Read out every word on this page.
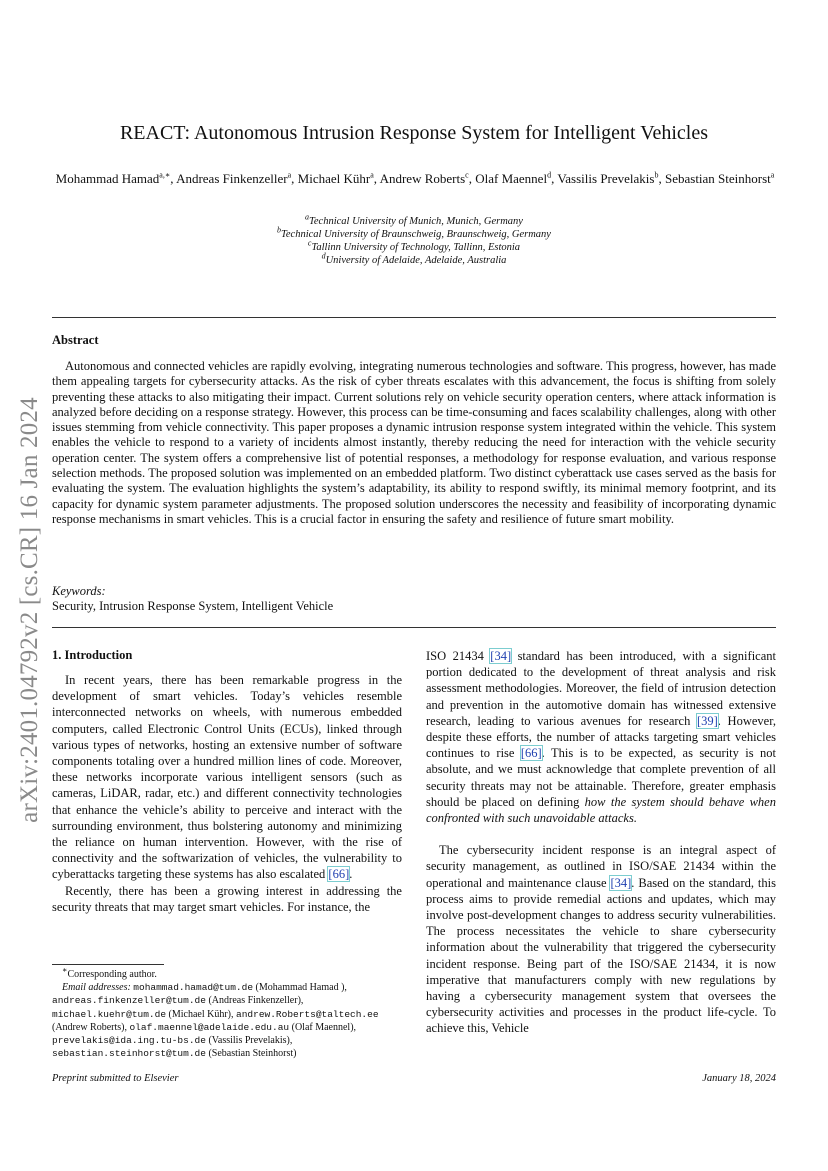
arXiv:2401.04792v2 [cs.CR] 16 Jan 2024
REACT: Autonomous Intrusion Response System for Intelligent Vehicles
Mohammad Hamad$^{a,∗}$, Andreas Finkenzeller$^a$, Michael Kühr$^a$, Andrew Roberts$^c$, Olaf Maennel$^d$, Vassilis Prevelakis$^b$, Sebastian Steinhorst$^a$
$^a$Technical University of Munich, Munich, Germany
$^b$Technical University of Braunschweig, Braunschweig, Germany
$^c$Tallinn University of Technology, Tallinn, Estonia
$^d$University of Adelaide, Adelaide, Australia
Abstract
Autonomous and connected vehicles are rapidly evolving, integrating numerous technologies and software. This progress, however, has made them appealing targets for cybersecurity attacks. As the risk of cyber threats escalates with this advancement, the focus is shifting from solely preventing these attacks to also mitigating their impact. Current solutions rely on vehicle security operation centers, where attack information is analyzed before deciding on a response strategy. However, this process can be time-consuming and faces scalability challenges, along with other issues stemming from vehicle connectivity. This paper proposes a dynamic intrusion response system integrated within the vehicle. This system enables the vehicle to respond to a variety of incidents almost instantly, thereby reducing the need for interaction with the vehicle security operation center. The system offers a comprehensive list of potential responses, a methodology for response evaluation, and various response selection methods. The proposed solution was implemented on an embedded platform. Two distinct cyberattack use cases served as the basis for evaluating the system. The evaluation highlights the system’s adaptability, its ability to respond swiftly, its minimal memory footprint, and its capacity for dynamic system parameter adjustments. The proposed solution underscores the necessity and feasibility of incorporating dynamic response mechanisms in smart vehicles. This is a crucial factor in ensuring the safety and resilience of future smart mobility.
Keywords:
Security, Intrusion Response System, Intelligent Vehicle
1. Introduction

In recent years, there has been remarkable progress in the development of smart vehicles. Today’s vehicles resemble interconnected networks on wheels, with numerous embedded computers, called Electronic Control Units (ECUs), linked through various types of networks, hosting an extensive number of software components totaling over a hundred million lines of code. Moreover, these networks incorporate various intelligent sensors (such as cameras, LiDAR, radar, etc.) and different connectivity technologies that enhance the vehicle’s ability to perceive and interact with the surrounding environment, thus bolstering autonomy and minimizing the reliance on human intervention. However, with the rise of connectivity and the softwarization of vehicles, the vulnerability to cyberattacks targeting these systems has also escalated [66].

Recently, there has been a growing interest in addressing the security threats that may target smart vehicles. For instance, the

ISO 21434 [34] standard has been introduced, with a significant portion dedicated to the development of threat analysis and risk assessment methodologies. Moreover, the field of intrusion detection and prevention in the automotive domain has witnessed extensive research, leading to various avenues for research [39]. However, despite these efforts, the number of attacks targeting smart vehicles continues to rise [66]. This is to be expected, as security is not absolute, and we must acknowledge that complete prevention of all security threats may not be attainable. Therefore, greater emphasis should be placed on defining how the system should behave when confronted with such unavoidable attacks.

The cybersecurity incident response is an integral aspect of security management, as outlined in ISO/SAE 21434 within the operational and maintenance clause [34]. Based on the standard, this process aims to provide remedial actions and updates, which may involve post-development changes to address security vulnerabilities. The process necessitates the vehicle to share cybersecurity information about the vulnerability that triggered the cybersecurity incident response. Being part of the ISO/SAE 21434, it is now imperative that manufacturers comply with new regulations by having a cybersecurity management system that oversees the cybersecurity activities and processes in the product life-cycle. To achieve this, Vehicle

∗Corresponding author.
Email addresses: mohammad.hamad@tum.de (Mohammad Hamad ), andreas.finkenzeller@tum.de (Andreas Finkenzeller), michael.kuehr@tum.de (Michael Kühr), andrew.Roberts@taltech.ee (Andrew Roberts), olaf.maennel@adelaide.edu.au (Olaf Maennel), prevelakis@ida.ing.tu-bs.de (Vassilis Prevelakis), sebastian.steinhorst@tum.de (Sebastian Steinhorst)
Preprint submitted to Elsevier	January 18, 2024
